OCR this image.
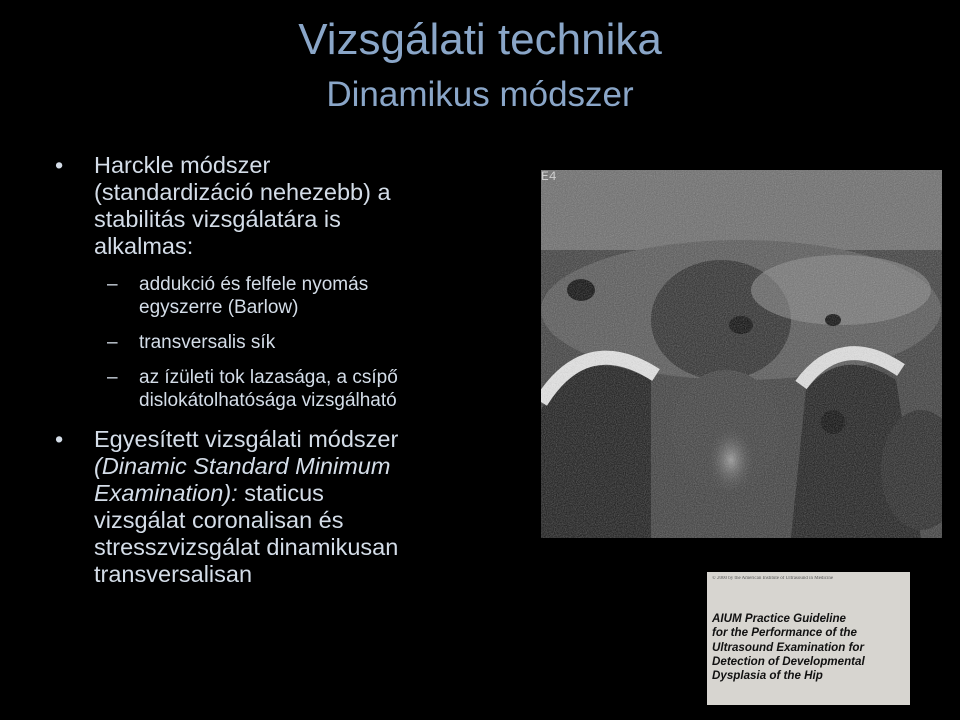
Vizsgálati technika
Dinamikus módszer
• Harckle módszer
(standardizáció nehezebb) a
stabilitás vizsgálatára is
alkalmas:
– addukció és felfele nyomás
egyszerre (Barlow)
– transversalis sík
– az ízületi tok lazasága, a csípő
dislokátolhatósága vizsgálható
• Egyesített vizsgálati módszer
(Dinamic Standard Minimum
Examination): staticus
vizsgálat coronalisan és
stresszvizsgálat dinamikusan
transversalisan
E4
© 2000 by the American Institute of Ultrasound in Medicine
AIUM Practice Guideline
for the Performance of the
Ultrasound Examination for
Detection of Developmental
Dysplasia of the Hip
